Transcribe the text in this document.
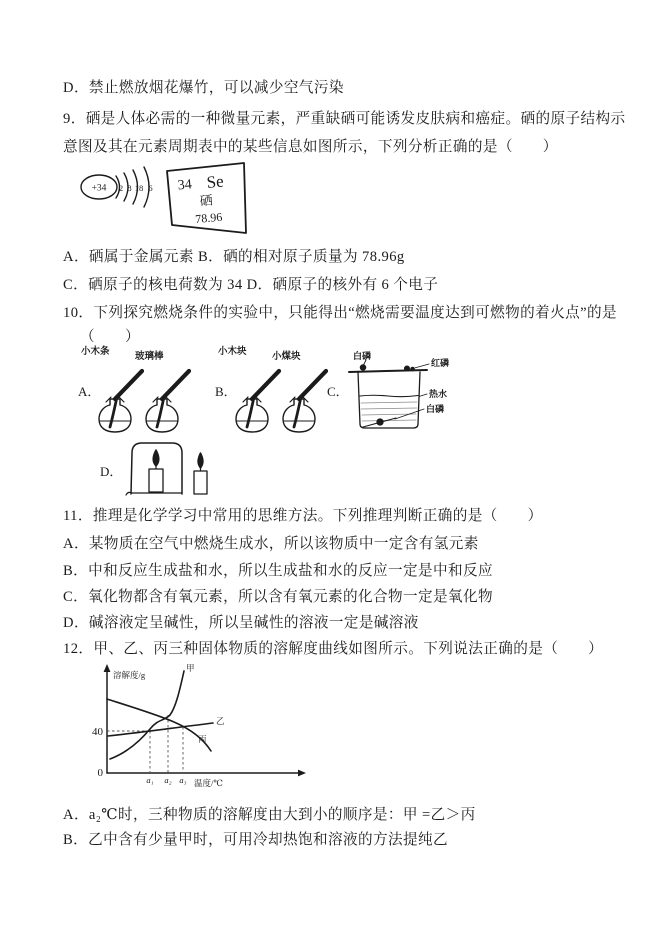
D．禁止燃放烟花爆竹，可以减少空气污染
9．硒是人体必需的一种微量元素，严重缺硒可能诱发皮肤病和癌症。硒的原子结构示
意图及其在元素周期表中的某些信息如图所示，下列分析正确的是（　　）
+34 2 8 18 6 34 Se
硒
78.96
A．硒属于金属元素 B．硒的相对原子质量为 78.96g
C．硒原子的核电荷数为 34 D．硒原子的核外有 6 个电子
10．下列探究燃烧条件的实验中，只能得出“燃烧需要温度达到可燃物的着火点”的是
（　　）
A．
小木条	玻璃棒
B．
小木块	小煤块
C．
白磷
红磷
热水
白磷
D．
11．推理是化学学习中常用的思维方法。下列推理判断正确的是（　　）
A．某物质在空气中燃烧生成水，所以该物质中一定含有氢元素
B．中和反应生成盐和水，所以生成盐和水的反应一定是中和反应
C．氧化物都含有氧元素，所以含有氧元素的化合物一定是氧化物
D．碱溶液定呈碱性，所以呈碱性的溶液一定是碱溶液
12．甲、乙、丙三种固体物质的溶解度曲线如图所示。下列说法正确的是（　　）
溶解度/g
40
0
a₁ a₂ a₃ 温度/℃
甲
乙
丙
A．a₂℃时，三种物质的溶解度由大到小的顺序是：甲 =乙＞丙
B．乙中含有少量甲时，可用冷却热饱和溶液的方法提纯乙
